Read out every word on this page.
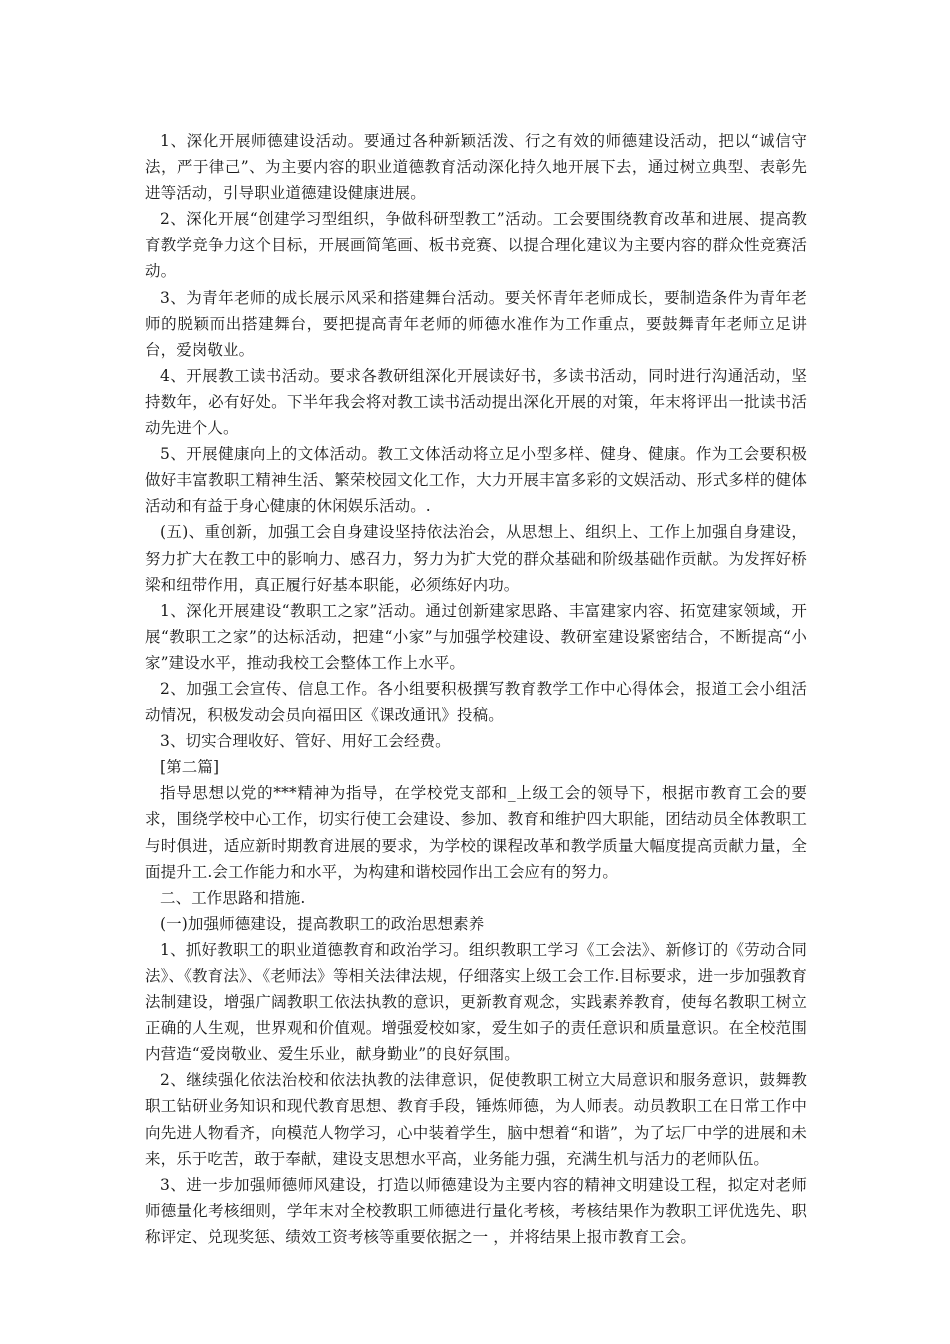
1、深化开展师德建设活动。要通过各种新颖活泼、行之有效的师德建设活动，把以“诚信守法，严于律己”、为主要内容的职业道德教育活动深化持久地开展下去，通过树立典型、表彰先进等活动，引导职业道德建设健康进展。

2、深化开展“创建学习型组织，争做科研型教工”活动。工会要围绕教育改革和进展、提高教育教学竞争力这个目标，开展画简笔画、板书竞赛、以提合理化建议为主要内容的群众性竞赛活动。

3、为青年老师的成长展示风采和搭建舞台活动。要关怀青年老师成长，要制造条件为青年老师的脱颖而出搭建舞台，要把提高青年老师的师德水准作为工作重点，要鼓舞青年老师立足讲台，爱岗敬业。

4、开展教工读书活动。要求各教研组深化开展读好书，多读书活动，同时进行沟通活动，坚持数年，必有好处。下半年我会将对教工读书活动提出深化开展的对策，年末将评出一批读书活动先进个人。

5、开展健康向上的文体活动。教工文体活动将立足小型多样、健身、健康。作为工会要积极做好丰富教职工精神生活、繁荣校园文化工作，大力开展丰富多彩的文娱活动、形式多样的健体活动和有益于身心健康的休闲娱乐活动。.

(五)、重创新，加强工会自身建设坚持依法治会，从思想上、组织上、工作上加强自身建设，努力扩大在教工中的影响力、感召力，努力为扩大党的群众基础和阶级基础作贡献。为发挥好桥梁和纽带作用，真正履行好基本职能，必须练好内功。

1、深化开展建设“教职工之家”活动。通过创新建家思路、丰富建家内容、拓宽建家领域，开展“教职工之家”的达标活动，把建“小家”与加强学校建设、教研室建设紧密结合，不断提高“小家”建设水平，推动我校工会整体工作上水平。

2、加强工会宣传、信息工作。各小组要积极撰写教育教学工作中心得体会，报道工会小组活动情况，积极发动会员向福田区《课改通讯》投稿。

3、切实合理收好、管好、用好工会经费。

[第二篇]

指导思想以党的***精神为指导，在学校党支部和_上级工会的领导下，根据市教育工会的要求，围绕学校中心工作，切实行使工会建设、参加、教育和维护四大职能，团结动员全体教职工与时俱进，适应新时期教育进展的要求，为学校的课程改革和教学质量大幅度提高贡献力量，全面提升工.会工作能力和水平，为构建和谐校园作出工会应有的努力。

二、工作思路和措施.

(一)加强师德建设，提高教职工的政治思想素养

1、抓好教职工的职业道德教育和政治学习。组织教职工学习《工会法》、新修订的《劳动合同法》、《教育法》、《老师法》等相关法律法规，仔细落实上级工会工作.目标要求，进一步加强教育法制建设，增强广阔教职工依法执教的意识，更新教育观念，实践素养教育，使每名教职工树立正确的人生观，世界观和价值观。增强爱校如家，爱生如子的责任意识和质量意识。在全校范围内营造“爱岗敬业、爱生乐业，献身勤业”的良好氛围。

2、继续强化依法治校和依法执教的法律意识，促使教职工树立大局意识和服务意识，鼓舞教职工钻研业务知识和现代教育思想、教育手段，锤炼师德，为人师表。动员教职工在日常工作中向先进人物看齐，向模范人物学习，心中装着学生，脑中想着“和谐”，为了坛厂中学的进展和未来，乐于吃苦，敢于奉献，建设支思想水平高，业务能力强，充满生机与活力的老师队伍。

3、进一步加强师德师风建设，打造以师德建设为主要内容的精神文明建设工程，拟定对老师师德量化考核细则，学年末对全校教职工师德进行量化考核，考核结果作为教职工评优选先、职称评定、兑现奖惩、绩效工资考核等重要依据之一 ，并将结果上报市教育工会。
